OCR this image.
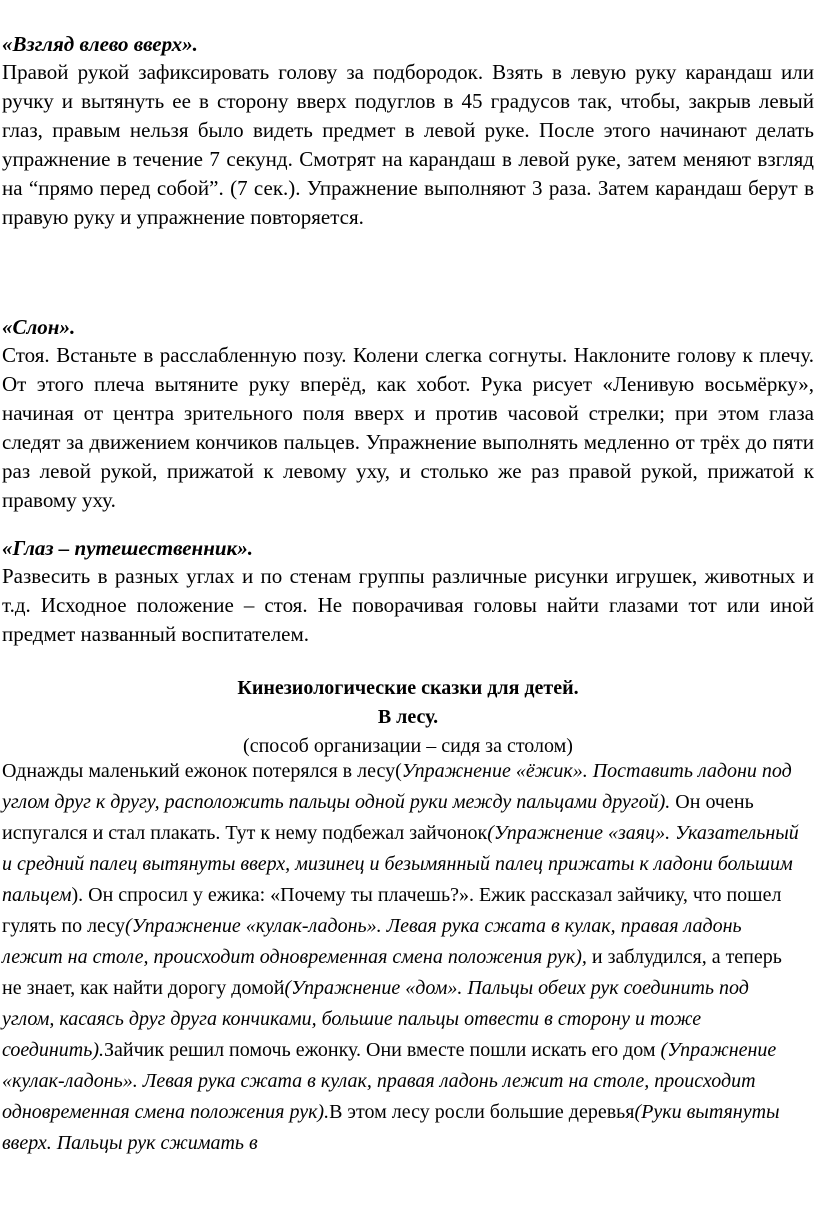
«Взгляд влево вверх».

Правой рукой зафиксировать голову за подбородок. Взять в левую руку карандаш или ручку и вытянуть ее в сторону вверх подуглов в 45 градусов так, чтобы, закрыв левый глаз, правым нельзя было видеть предмет в левой руке. После этого начинают делать упражнение в течение 7 секунд. Смотрят на карандаш в левой руке, затем меняют взгляд на “прямо перед собой”. (7 сек.). Упражнение выполняют 3 раза. Затем карандаш берут в правую руку и упражнение повторяется.

«Слон».

Стоя. Встаньте в расслабленную позу. Колени слегка согнуты. Наклоните голову к плечу. От этого плеча вытяните руку вперёд, как хобот. Рука рисует «Ленивую восьмёрку», начиная от центра зрительного поля вверх и против часовой стрелки; при этом глаза следят за движением кончиков пальцев. Упражнение выполнять медленно от трёх до пяти раз левой рукой, прижатой к левому уху, и столько же раз правой рукой, прижатой к правому уху.

«Глаз – путешественник».

Развесить в разных углах и по стенам группы различные рисунки игрушек, животных и т.д. Исходное положение – стоя. Не поворачивая головы найти глазами тот или иной предмет названный воспитателем.

Кинезиологические сказки для детей.

В лесу.

(способ организации – сидя за столом)

Однажды маленький ежонок потерялся в лесу(Упражнение «ёжик». Поставить ладони под углом друг к другу, расположить пальцы одной руки между пальцами другой). Он очень испугался и стал плакать. Тут к нему подбежал зайчонок(Упражнение «заяц». Указательный и средний палец вытянуты вверх, мизинец и безымянный палец прижаты к ладони большим пальцем). Он спросил у ежика: «Почему ты плачешь?». Ежик рассказал зайчику, что пошел гулять по лесу(Упражнение «кулак-ладонь». Левая рука сжата в кулак, правая ладонь лежит на столе, происходит одновременная смена положения рук), и заблудился, а теперь не знает, как найти дорогу домой(Упражнение «дом». Пальцы обеих рук соединить под углом, касаясь друг друга кончиками, большие пальцы отвести в сторону и тоже соединить).Зайчик решил помочь ежонку. Они вместе пошли искать его дом (Упражнение «кулак-ладонь». Левая рука сжата в кулак, правая ладонь лежит на столе, происходит одновременная смена положения рук).В этом лесу росли большие деревья(Руки вытянуты вверх. Пальцы рук сжимать в
